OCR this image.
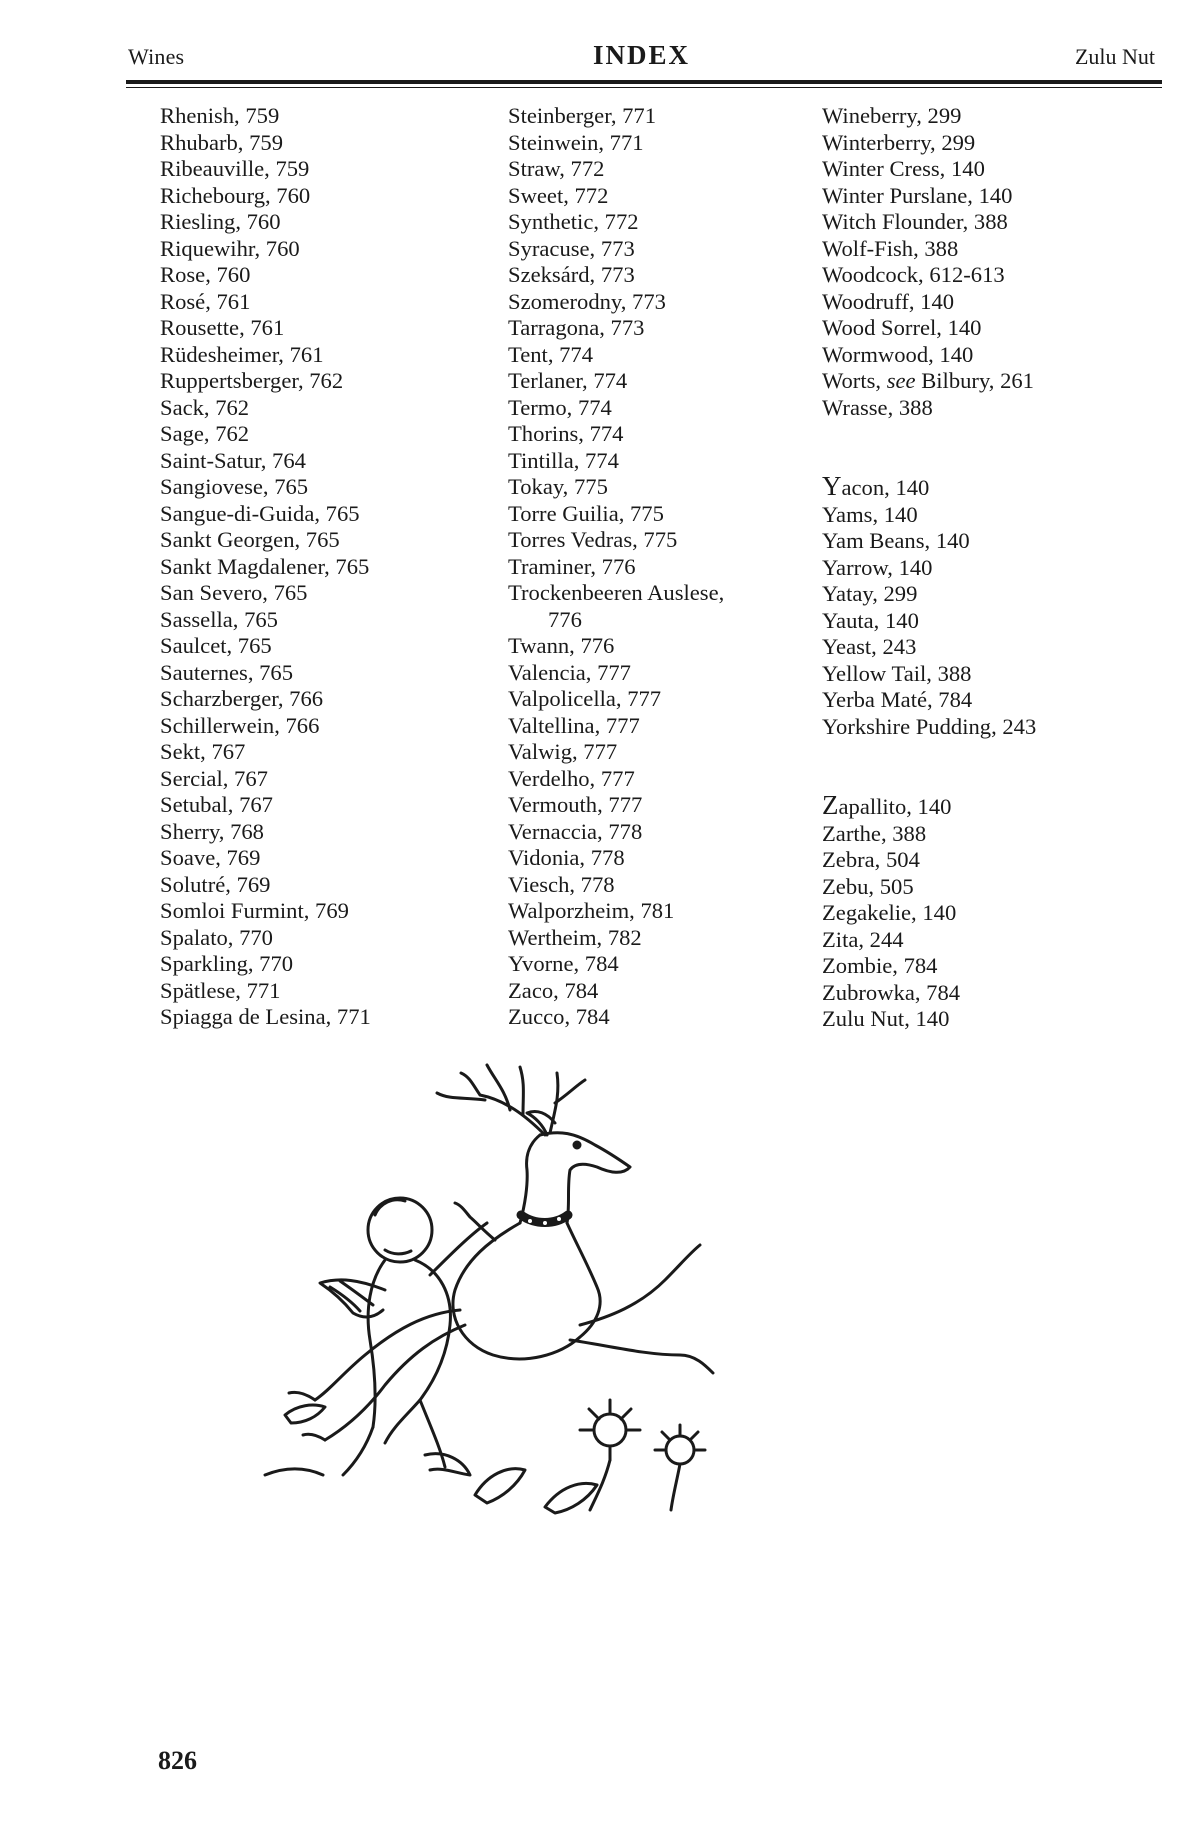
Wines	INDEX	Zulu Nut
Rhenish, 759
Rhubarb, 759
Ribeauville, 759
Richebourg, 760
Riesling, 760
Riquewihr, 760
Rose, 760
Rosé, 761
Rousette, 761
Rüdesheimer, 761
Ruppertsberger, 762
Sack, 762
Sage, 762
Saint-Satur, 764
Sangiovese, 765
Sangue-di-Guida, 765
Sankt Georgen, 765
Sankt Magdalener, 765
San Severo, 765
Sassella, 765
Saulcet, 765
Sauternes, 765
Scharzberger, 766
Schillerwein, 766
Sekt, 767
Sercial, 767
Setubal, 767
Sherry, 768
Soave, 769
Solutré, 769
Somloi Furmint, 769
Spalato, 770
Sparkling, 770
Spätlese, 771
Spiagga de Lesina, 771
Steinberger, 771
Steinwein, 771
Straw, 772
Sweet, 772
Synthetic, 772
Syracuse, 773
Szeksárd, 773
Szomerodny, 773
Tarragona, 773
Tent, 774
Terlaner, 774
Termo, 774
Thorins, 774
Tintilla, 774
Tokay, 775
Torre Guilia, 775
Torres Vedras, 775
Traminer, 776
Trockenbeeren Auslese,
776
Twann, 776
Valencia, 777
Valpolicella, 777
Valtellina, 777
Valwig, 777
Verdelho, 777
Vermouth, 777
Vernaccia, 778
Vidonia, 778
Viesch, 778
Walporzheim, 781
Wertheim, 782
Yvorne, 784
Zaco, 784
Zucco, 784
Wineberry, 299
Winterberry, 299
Winter Cress, 140
Winter Purslane, 140
Witch Flounder, 388
Wolf-Fish, 388
Woodcock, 612-613
Woodruff, 140
Wood Sorrel, 140
Wormwood, 140
Worts, see Bilbury, 261
Wrasse, 388
Yacon, 140
Yams, 140
Yam Beans, 140
Yarrow, 140
Yatay, 299
Yauta, 140
Yeast, 243
Yellow Tail, 388
Yerba Maté, 784
Yorkshire Pudding, 243
Zapallito, 140
Zarthe, 388
Zebra, 504
Zebu, 505
Zegakelie, 140
Zita, 244
Zombie, 784
Zubrowka, 784
Zulu Nut, 140
826
